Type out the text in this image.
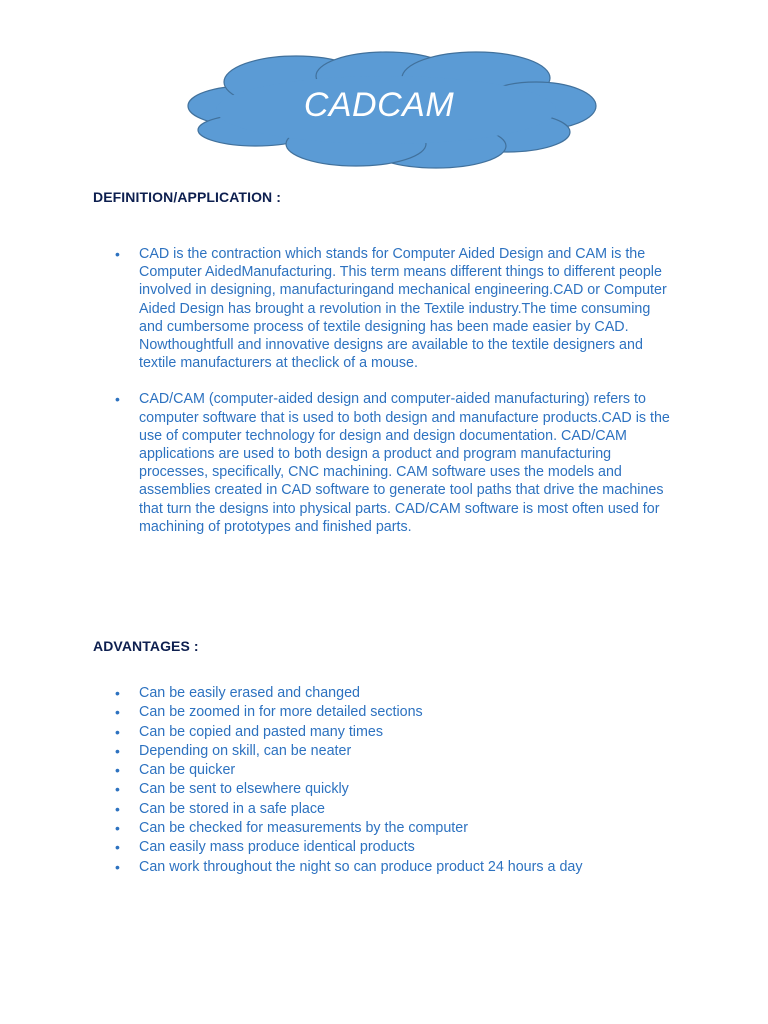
CADCAM
DEFINITION/APPLICATION :
• CAD is the contraction which stands for Computer Aided Design and CAM is the Computer AidedManufacturing. This term means different things to different people involved in designing, manufacturingand mechanical engineering.CAD or Computer Aided Design has brought a revolution in the Textile industry.The time consuming and cumbersome process of textile designing has been made easier by CAD. Nowthoughtfull and innovative designs are available to the textile designers and textile manufacturers at theclick of a mouse.
• CAD/CAM (computer-aided design and computer-aided manufacturing) refers to computer software that is used to both design and manufacture products.CAD is the use of computer technology for design and design documentation. CAD/CAM applications are used to both design a product and program manufacturing processes, specifically, CNC machining. CAM software uses the models and assemblies created in CAD software to generate tool paths that drive the machines that turn the designs into physical parts. CAD/CAM software is most often used for machining of prototypes and finished parts.
ADVANTAGES :
• Can be easily erased and changed
• Can be zoomed in for more detailed sections
• Can be copied and pasted many times
• Depending on skill, can be neater
• Can be quicker
• Can be sent to elsewhere quickly
• Can be stored in a safe place
• Can be checked for measurements by the computer
• Can easily mass produce identical products
• Can work throughout the night so can produce product 24 hours a day
